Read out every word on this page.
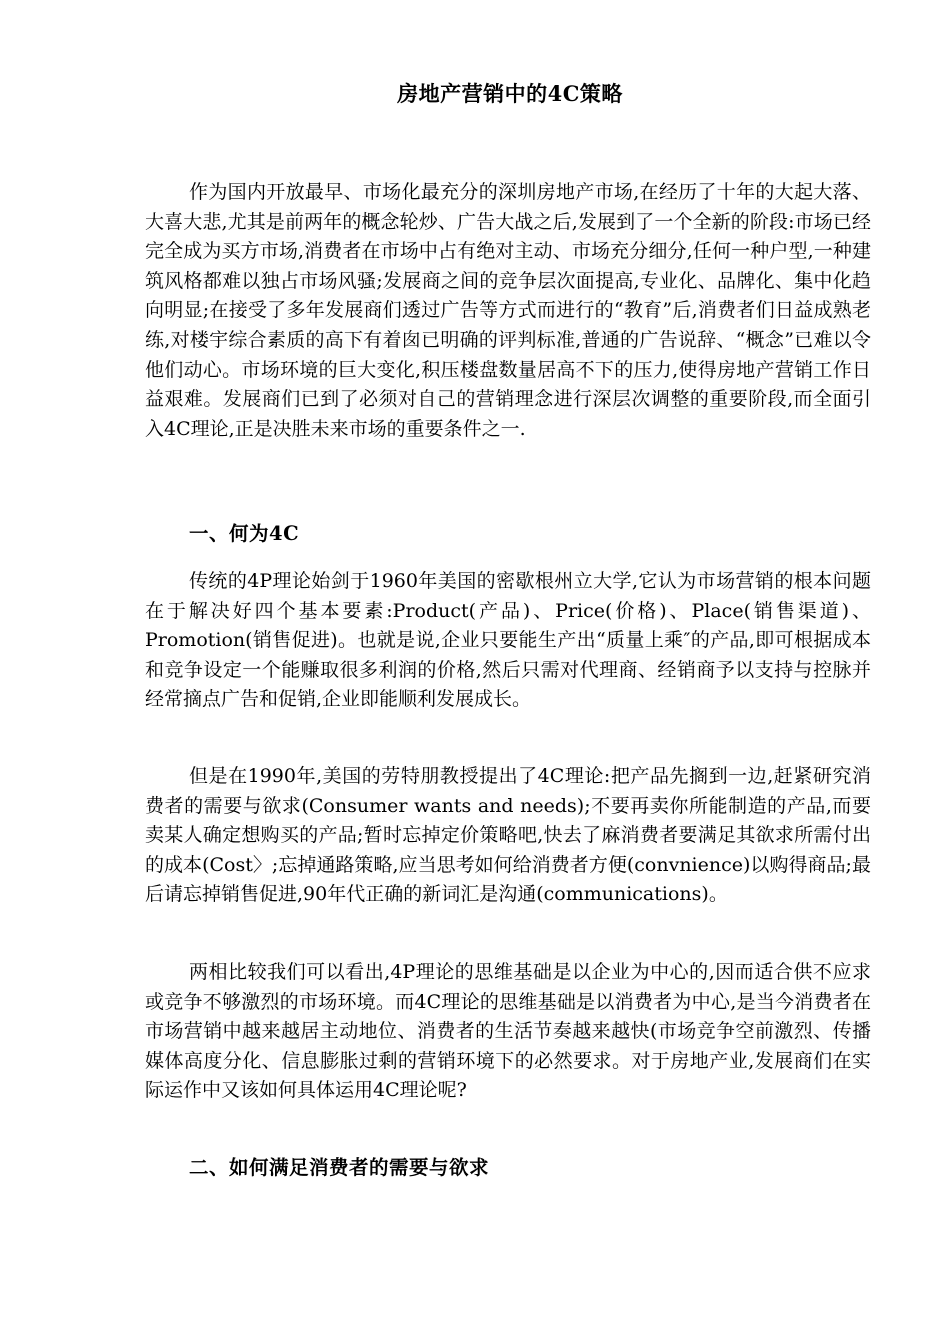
房地产营销中的4C策略

作为国内开放最早、市场化最充分的深圳房地产市场,在经历了十年的大起大落、大喜大悲,尤其是前两年的概念轮炒、广告大战之后,发展到了一个全新的阶段:市场已经完全成为买方市场,消费者在市场中占有绝对主动、市场充分细分,任何一种户型,一种建筑风格都难以独占市场风骚;发展商之间的竞争层次面提高,专业化、品牌化、集中化趋向明显;在接受了多年发展商们透过广告等方式而进行的“教育”后,消费者们日益成熟老练,对楼宇综合素质的高下有着囱已明确的评判标准,普通的广告说辞、“概念”已难以令他们动心。市场环境的巨大变化,积压楼盘数量居高不下的压力,使得房地产营销工作日益艰难。发展商们已到了必须对自己的营销理念进行深层次调整的重要阶段,而全面引入4C理论,正是决胜未来市场的重要条件之一.

一、何为4C

传统的4P理论始剑于1960年美国的密歇根州立大学,它认为市场营销的根本问题在于解决好四个基本要素:Product(产品)、Price(价格)、Place(销售渠道)、Promotion(销售促进)。也就是说,企业只要能生产出“质量上乘″的产品,即可根据成本和竞争设定一个能赚取很多利润的价格,然后只需对代理商、经销商予以支持与控脉并经常摘点广告和促销,企业即能顺利发展成长。

但是在1990年,美国的劳特朋教授提出了4C理论:把产品先搁到一边,赶紧研究消费者的需要与欲求(Consumer wants and needs);不要再卖你所能制造的产品,而要卖某人确定想购买的产品;暂时忘掉定价策略吧,快去了麻消费者要满足其欲求所需付出的成本(Cost〉;忘掉通路策略,应当思考如何给消费者方便(convnience)以购得商品;最后请忘掉销售促进,90年代正确的新词汇是沟通(communications)。

两相比较我们可以看出,4P理论的思维基础是以企业为中心的,因而适合供不应求或竞争不够激烈的市场环境。而4C理论的思维基础是以消费者为中心,是当今消费者在市场营销中越来越居主动地位、消费者的生活节奏越来越快(市场竞争空前激烈、传播媒体高度分化、信息膨胀过剩的营销环境下的必然要求。对于房地产业,发展商们在实际运作中又该如何具体运用4C理论呢?

二、如何满足消费者的需要与欲求
